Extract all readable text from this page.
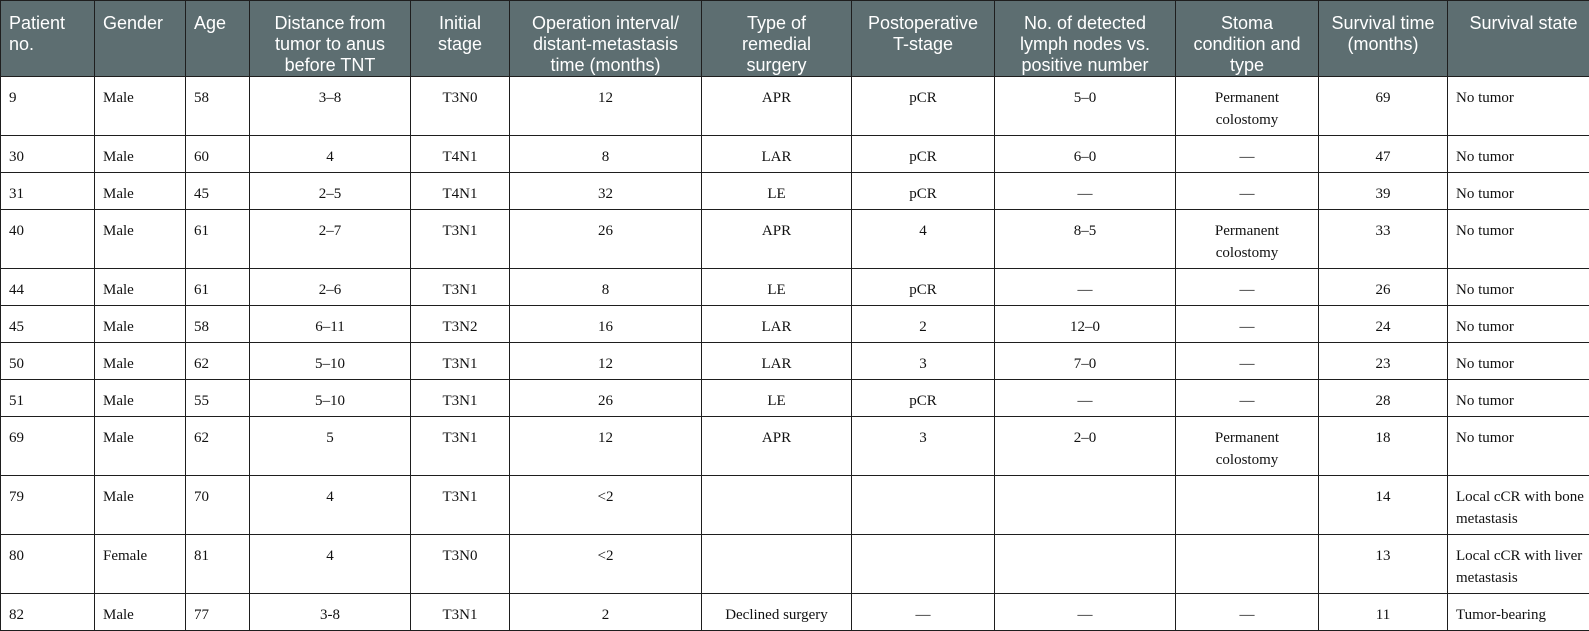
Patient no.	Gender	Age	Distance from tumor to anus before TNT	Initial stage	Operation interval/ distant-metastasis time (months)	Type of remedial surgery	Postoperative T-stage	No. of detected lymph nodes vs. positive number	Stoma condition and type	Survival time (months)	Survival state
9	Male	58	3–8	T3N0	12	APR	pCR	5–0	Permanent colostomy	69	No tumor
30	Male	60	4	T4N1	8	LAR	pCR	6–0	—	47	No tumor
31	Male	45	2–5	T4N1	32	LE	pCR	—	—	39	No tumor
40	Male	61	2–7	T3N1	26	APR	4	8–5	Permanent colostomy	33	No tumor
44	Male	61	2–6	T3N1	8	LE	pCR	—	—	26	No tumor
45	Male	58	6–11	T3N2	16	LAR	2	12–0	—	24	No tumor
50	Male	62	5–10	T3N1	12	LAR	3	7–0	—	23	No tumor
51	Male	55	5–10	T3N1	26	LE	pCR	—	—	28	No tumor
69	Male	62	5	T3N1	12	APR	3	2–0	Permanent colostomy	18	No tumor
79	Male	70	4	T3N1	<2					14	Local cCR with bone metastasis
80	Female	81	4	T3N0	<2					13	Local cCR with liver metastasis
82	Male	77	3-8	T3N1	2	Declined surgery	—	—	—	11	Tumor-bearing
